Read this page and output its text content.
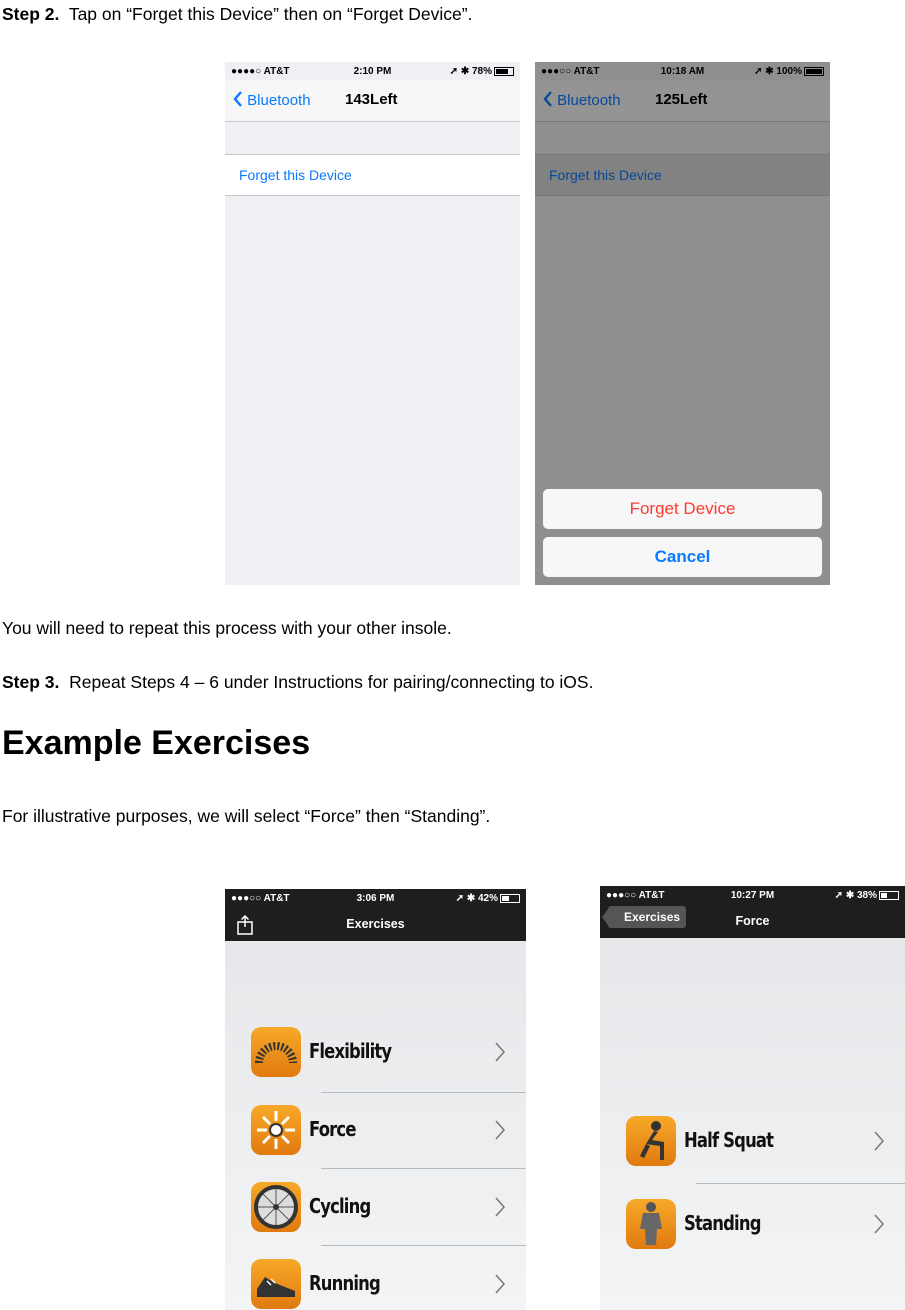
Step 2. Tap on “Forget this Device” then on “Forget Device”.
●●●●○ AT&T	2:10 PM	➚ ✱ 78%
Bluetooth 143Left
Forget this Device
●●●○○ AT&T	10:18 AM	➚ ✱ 100%
Bluetooth 125Left
Forget this Device
Forget Device
Cancel
You will need to repeat this process with your other insole.
Step 3. Repeat Steps 4 – 6 under Instructions for pairing/connecting to iOS.
Example Exercises
For illustrative purposes, we will select “Force” then “Standing”.
●●●○○ AT&T	3:06 PM	➚ ✱ 42%
Exercises
Flexibility
Force
Cycling
Running
●●●○○ AT&T	10:27 PM	➚ ✱ 38%
Exercises	Force
Half Squat
Standing
